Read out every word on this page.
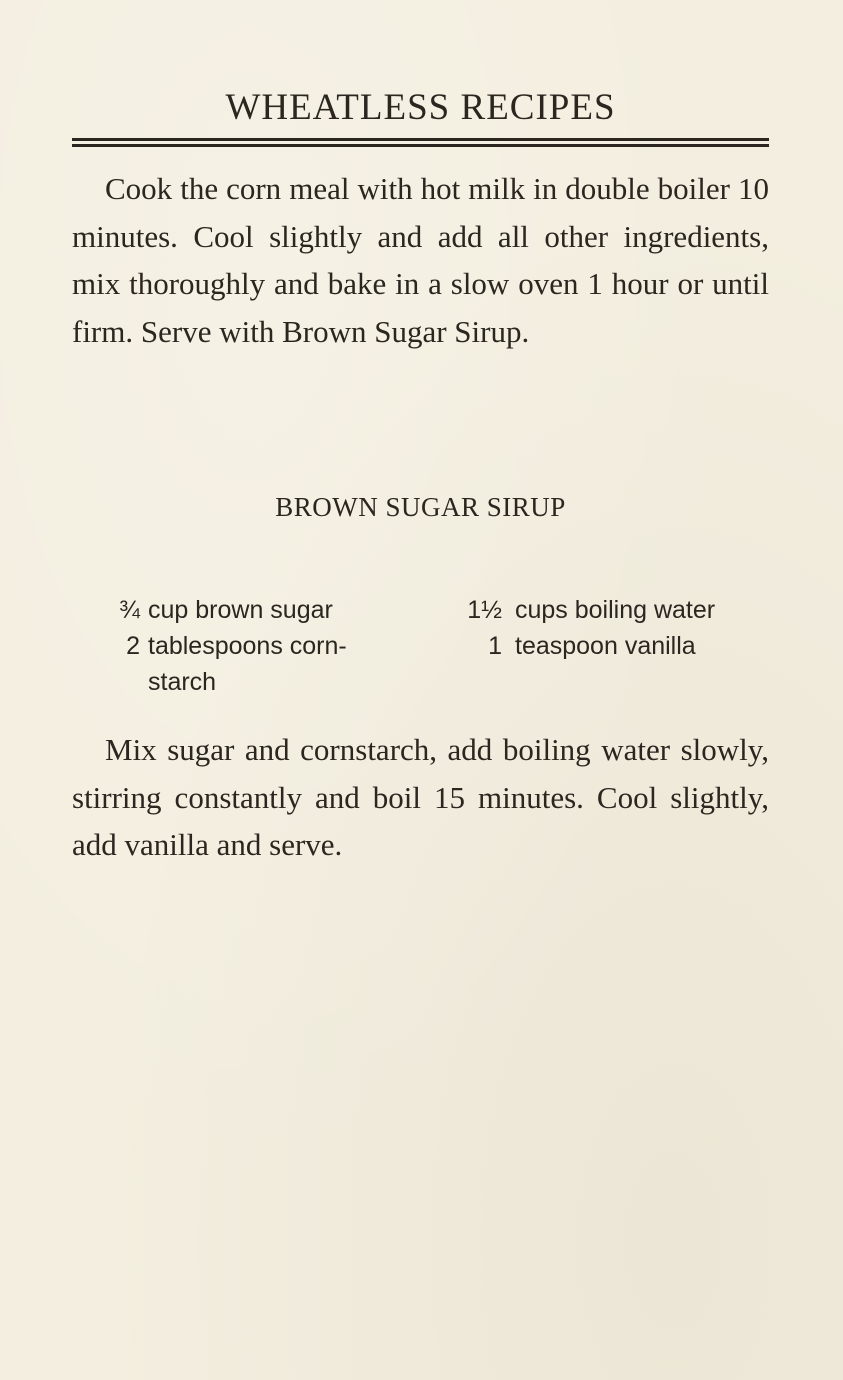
WHEATLESS RECIPES

Cook the corn meal with hot milk in double boiler 10 minutes. Cool slightly and add all other ingredients, mix thoroughly and bake in a slow oven 1 hour or until firm. Serve with Brown Sugar Sirup.

BROWN SUGAR SIRUP
¾ cup brown sugar
2 tablespoons corn-starch
1½ cups boiling water
1 teaspoon vanilla

Mix sugar and cornstarch, add boiling water slowly, stirring constantly and boil 15 minutes. Cool slightly, add vanilla and serve.
